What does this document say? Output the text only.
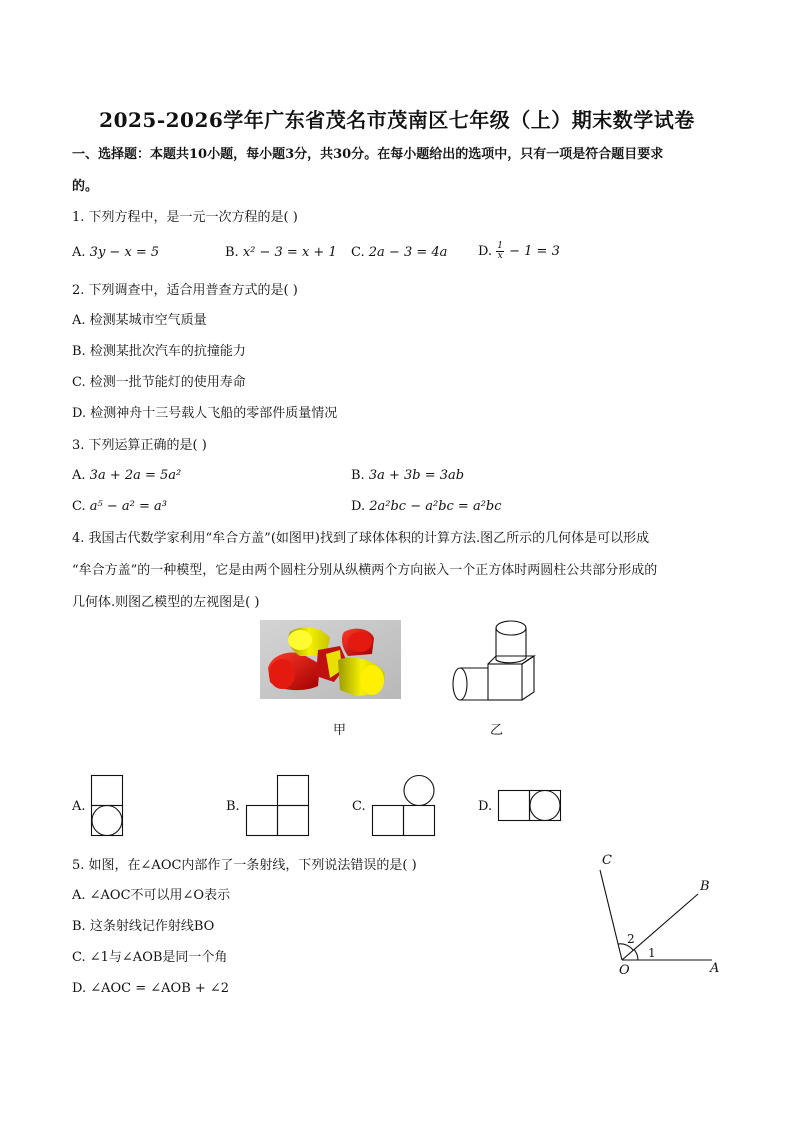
2025-2026学年广东省茂名市茂南区七年级（上）期末数学试卷
一、选择题：本题共10小题，每小题3分，共30分。在每小题给出的选项中，只有一项是符合题目要求
的。
1. 下列方程中，是一元一次方程的是( )
A. 3y − x = 5	B. x² − 3 = x + 1 C. 2a − 3 = 4a D. $\frac{1}{x} - 1 = 3$
2. 下列调查中，适合用普查方式的是( )
A. 检测某城市空气质量
B. 检测某批次汽车的抗撞能力
C. 检测一批节能灯的使用寿命
D. 检测神舟十三号载人飞船的零部件质量情况
3. 下列运算正确的是( )
A. 3a + 2a = 5a²	B. 3a + 3b = 3ab
C. a⁵ − a² = a³	D. 2a²bc − a²bc = a²bc
4. 我国古代数学家利用“牟合方盖”(如图甲)找到了球体体积的计算方法.图乙所示的几何体是可以形成
“牟合方盖”的一种模型，它是由两个圆柱分别从纵横两个方向嵌入一个正方体时两圆柱公共部分形成的
几何体.则图乙模型的左视图是( )
甲	乙
A.	B.	C.	D.
5. 如图，在∠AOC内部作了一条射线，下列说法错误的是( )
A. ∠AOC不可以用∠O表示
B. 这条射线记作射线BO
C. ∠1与∠AOB是同一个角
D. ∠AOC = ∠AOB + ∠2
C
B
A
O
1
2
